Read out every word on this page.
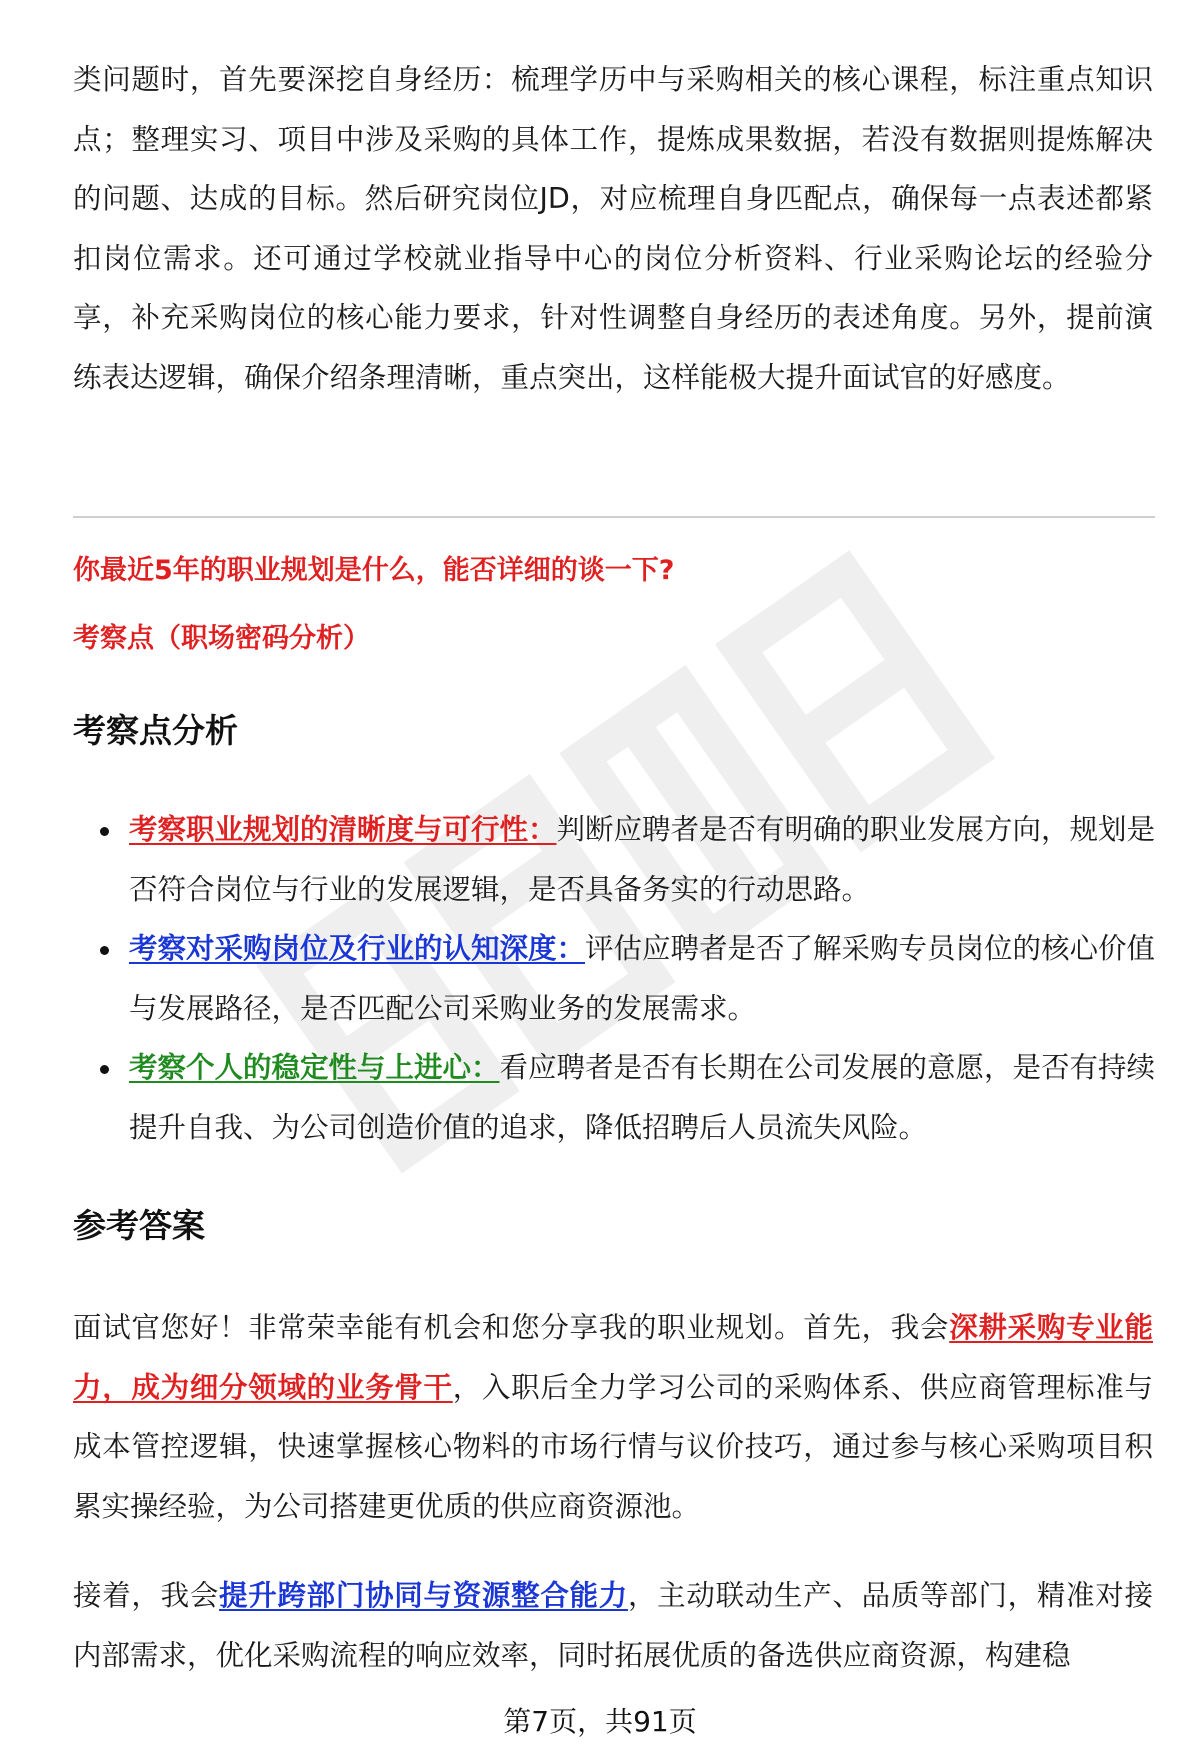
类问题时，首先要深挖自身经历：梳理学历中与采购相关的核心课程，标注重点知识点；整理实习、项目中涉及采购的具体工作，提炼成果数据，若没有数据则提炼解决的问题、达成的目标。然后研究岗位JD，对应梳理自身匹配点，确保每一点表述都紧扣岗位需求。还可通过学校就业指导中心的岗位分析资料、行业采购论坛的经验分享，补充采购岗位的核心能力要求，针对性调整自身经历的表述角度。另外，提前演练表达逻辑，确保介绍条理清晰，重点突出，这样能极大提升面试官的好感度。

你最近5年的职业规划是什么，能否详细的谈一下?

考察点（职场密码分析）

考察点分析
考察职业规划的清晰度与可行性：判断应聘者是否有明确的职业发展方向，规划是否符合岗位与行业的发展逻辑，是否具备务实的行动思路。
考察对采购岗位及行业的认知深度：评估应聘者是否了解采购专员岗位的核心价值与发展路径，是否匹配公司采购业务的发展需求。
考察个人的稳定性与上进心：看应聘者是否有长期在公司发展的意愿，是否有持续提升自我、为公司创造价值的追求，降低招聘后人员流失风险。
参考答案

面试官您好！非常荣幸能有机会和您分享我的职业规划。首先，我会深耕采购专业能力，成为细分领域的业务骨干，入职后全力学习公司的采购体系、供应商管理标准与成本管控逻辑，快速掌握核心物料的市场行情与议价技巧，通过参与核心采购项目积累实操经验，为公司搭建更优质的供应商资源池。

接着，我会提升跨部门协同与资源整合能力，主动联动生产、品质等部门，精准对接内部需求，优化采购流程的响应效率，同时拓展优质的备选供应商资源，构建稳

第7页，共91页
